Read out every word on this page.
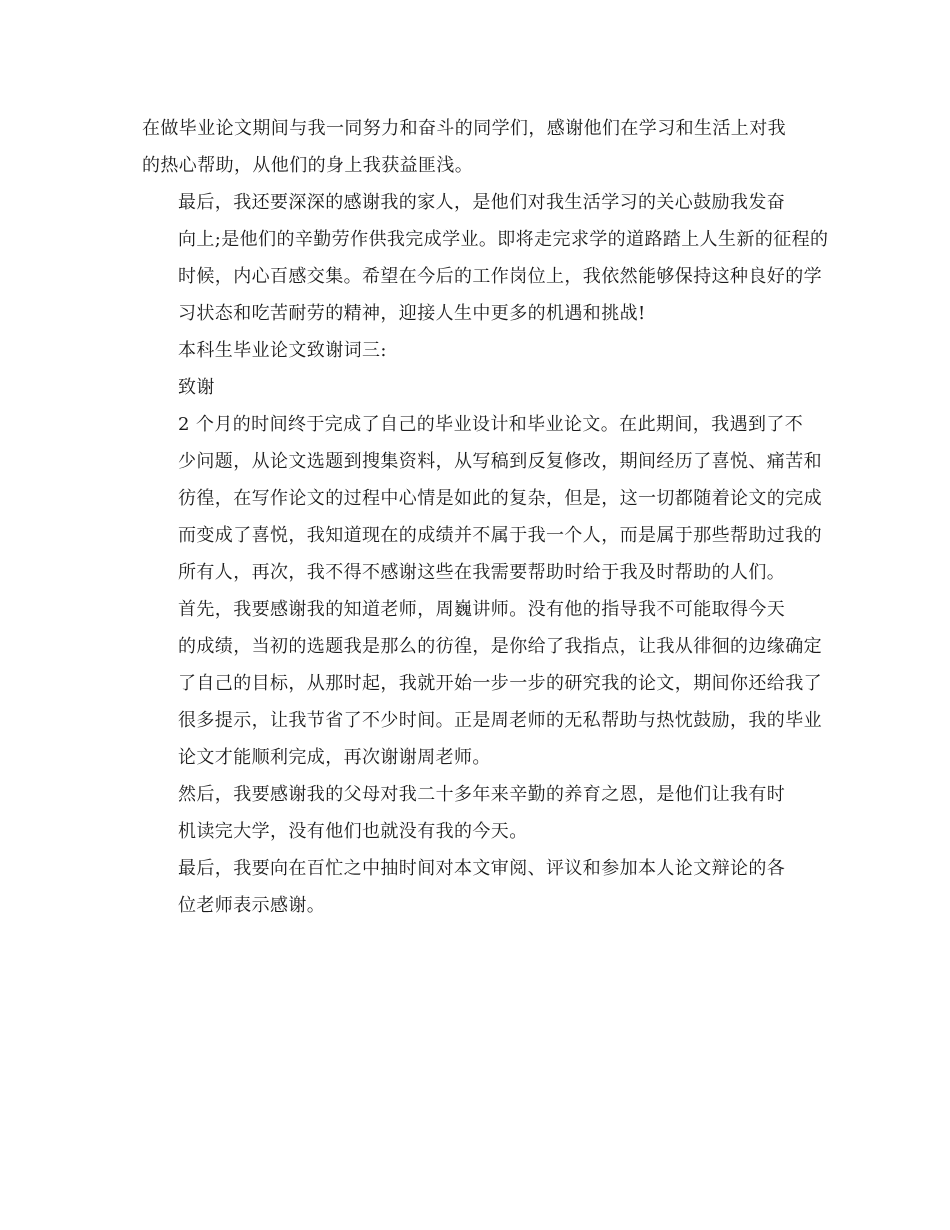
在做毕业论文期间与我一同努力和奋斗的同学们，感谢他们在学习和生活上对我
的热心帮助，从他们的身上我获益匪浅。

最后，我还要深深的感谢我的家人，是他们对我生活学习的关心鼓励我发奋
向上;是他们的辛勤劳作供我完成学业。即将走完求学的道路踏上人生新的征程的
时候，内心百感交集。希望在今后的工作岗位上，我依然能够保持这种良好的学
习状态和吃苦耐劳的精神，迎接人生中更多的机遇和挑战!

本科生毕业论文致谢词三:

致谢

2 个月的时间终于完成了自己的毕业设计和毕业论文。在此期间，我遇到了不
少问题，从论文选题到搜集资料，从写稿到反复修改，期间经历了喜悦、痛苦和
彷徨，在写作论文的过程中心情是如此的复杂，但是，这一切都随着论文的完成
而变成了喜悦，我知道现在的成绩并不属于我一个人，而是属于那些帮助过我的
所有人，再次，我不得不感谢这些在我需要帮助时给于我及时帮助的人们。

首先，我要感谢我的知道老师，周巍讲师。没有他的指导我不可能取得今天
的成绩，当初的选题我是那么的彷徨，是你给了我指点，让我从徘徊的边缘确定
了自己的目标，从那时起，我就开始一步一步的研究我的论文，期间你还给我了
很多提示，让我节省了不少时间。正是周老师的无私帮助与热忱鼓励，我的毕业
论文才能顺利完成，再次谢谢周老师。

然后，我要感谢我的父母对我二十多年来辛勤的养育之恩，是他们让我有时
机读完大学，没有他们也就没有我的今天。

最后，我要向在百忙之中抽时间对本文审阅、评议和参加本人论文辩论的各
位老师表示感谢。
